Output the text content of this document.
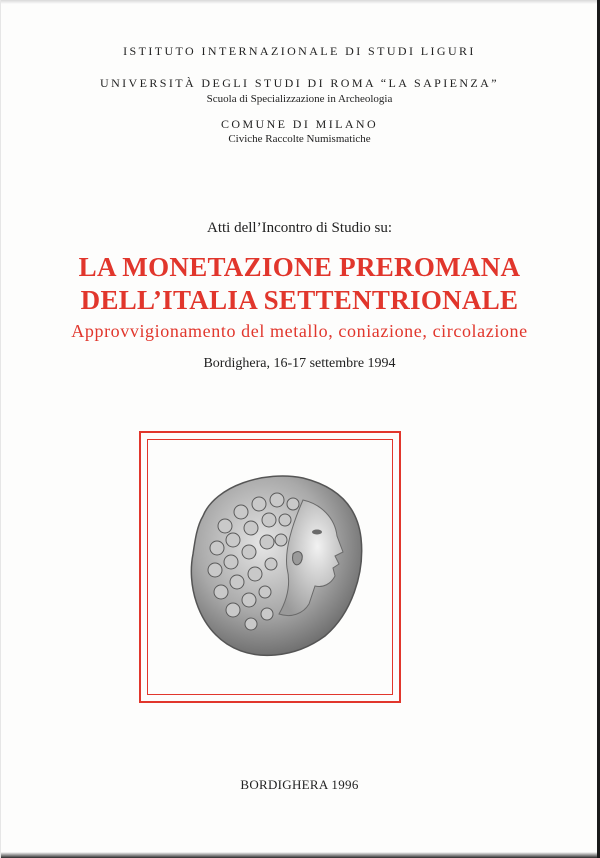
ISTITUTO INTERNAZIONALE DI STUDI LIGURI
UNIVERSITÀ DEGLI STUDI DI ROMA “LA SAPIENZA”
Scuola di Specializzazione in Archeologia
COMUNE DI MILANO
Civiche Raccolte Numismatiche
Atti dell’Incontro di Studio su:
LA MONETAZIONE PREROMANA
DELL’ITALIA SETTENTRIONALE
Approvvigionamento del metallo, coniazione, circolazione
Bordighera, 16-17 settembre 1994
BORDIGHERA 1996
